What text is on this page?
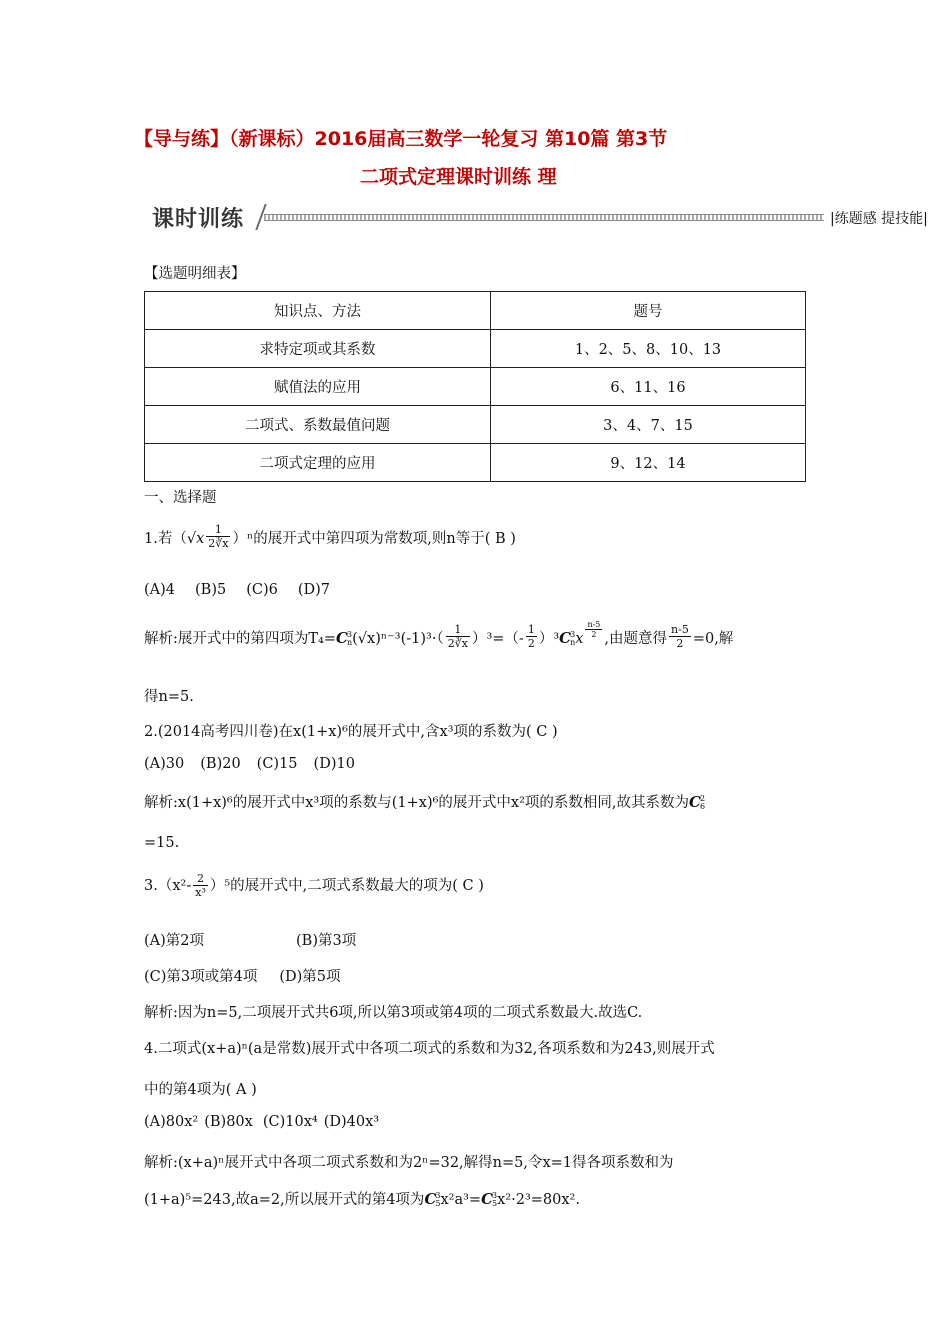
【导与练】（新课标）2016届高三数学一轮复习 第10篇 第3节
二项式定理课时训练 理
课时训练	|练题感 提技能|
【选题明细表】
知识点、方法	题号
求特定项或其系数	1、2、5、8、10、13
赋值法的应用	6、11、16
二项式、系数最值问题	3、4、7、15
二项式定理的应用	9、12、14
一、选择题
1.若$(√x \frac{1}{2∛x} )^n$的展开式中第四项为常数项,则n等于( B )
(A)4 (B)5 (C)6 (D)7
解析:展开式中的第四项为T₄=C 3
n $(√x)^{n-3}(-1)^3\cdot( \frac{1}{2∛x} )^3=(- \frac{1}{2} )^3C$ 3
n x $\frac{n-5}{2}$ ,由题意得 $\frac{n-5}{2} =0$,解
得n=5.
2.(2014高考四川卷)在x(1+x)⁶的展开式中,含x³项的系数为( C )
(A)30 (B)20 (C)15 (D)10
解析:x(1+x)⁶的展开式中x³项的系数与(1+x)⁶的展开式中x²项的系数相同,故其系数为C 2
6
=15.
$3.(x^2- \frac{2}{\text{x³}} )^5$的展开式中,二项式系数最大的项为( C )
(A)第2项	(B)第3项
(C)第3项或第4项 (D)第5项
解析:因为n=5,二项展开式共6项,所以第3项或第4项的二项式系数最大.故选C.
4.二项式(x+a)ⁿ(a是常数)展开式中各项二项式的系数和为32,各项系数和为243,则展开式
中的第4项为( A )
(A)80x² (B)80x (C)10x⁴ (D)40x³
解析:(x+a)ⁿ展开式中各项二项式系数和为2ⁿ=32,解得n=5,令x=1得各项系数和为
(1+a)⁵=243,故a=2,所以展开式的第4项为C 3
5 x²a³=C 3
5 x²·2³=80x².
